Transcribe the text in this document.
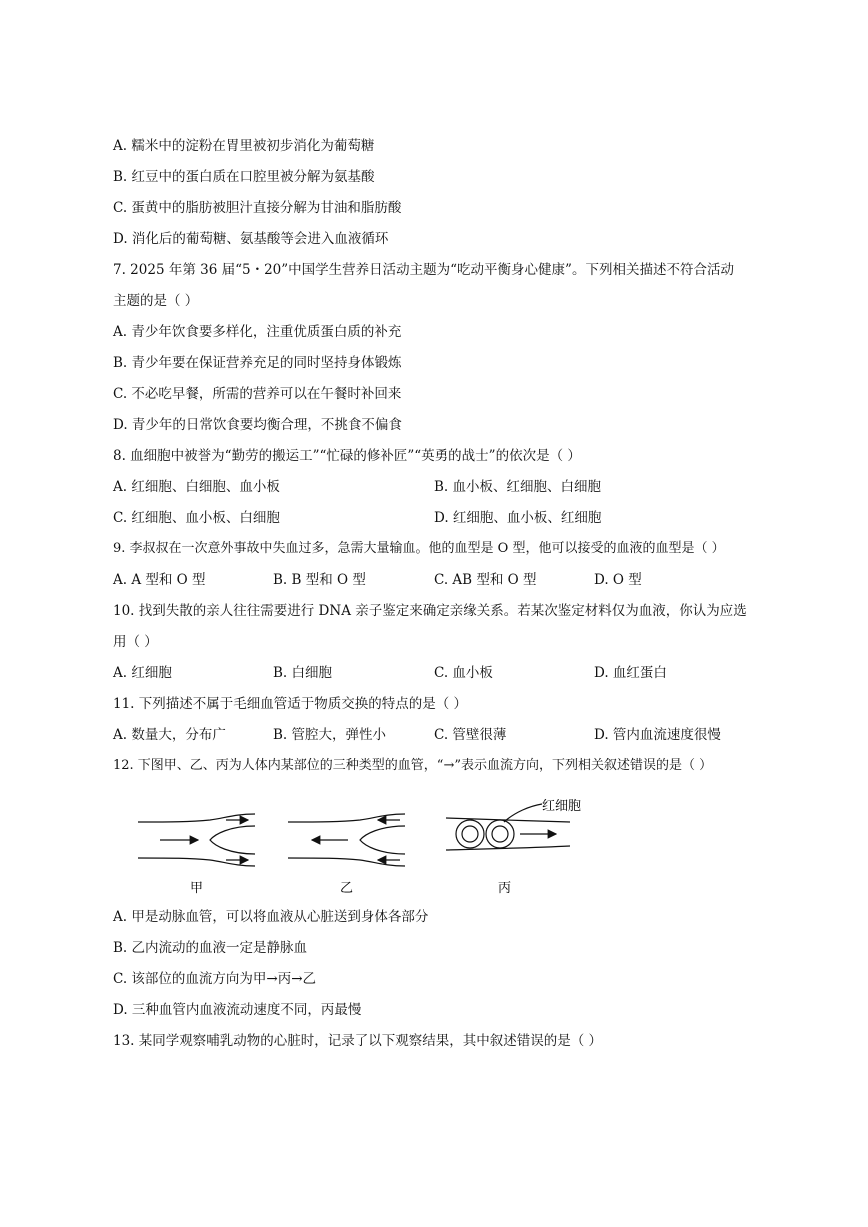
A. 糯米中的淀粉在胃里被初步消化为葡萄糖
B. 红豆中的蛋白质在口腔里被分解为氨基酸
C. 蛋黄中的脂肪被胆汁直接分解为甘油和脂肪酸
D. 消化后的葡萄糖、氨基酸等会进入血液循环
7. 2025 年第 36 届“5・20”中国学生营养日活动主题为“吃动平衡身心健康”。下列相关描述不符合活动
主题的是（ ）
A. 青少年饮食要多样化，注重优质蛋白质的补充
B. 青少年要在保证营养充足的同时坚持身体锻炼
C. 不必吃早餐，所需的营养可以在午餐时补回来
D. 青少年的日常饮食要均衡合理，不挑食不偏食
8. 血细胞中被誉为“勤劳的搬运工”“忙碌的修补匠”“英勇的战士”的依次是（ ）
A. 红细胞、白细胞、血小板	B. 血小板、红细胞、白细胞
C. 红细胞、血小板、白细胞	D. 红细胞、血小板、红细胞
9. 李叔叔在一次意外事故中失血过多，急需大量输血。他的血型是 O 型，他可以接受的血液的血型是（ ）
A. A 型和 O 型	B. B 型和 O 型	C. AB 型和 O 型	D. O 型
10. 找到失散的亲人往往需要进行 DNA 亲子鉴定来确定亲缘关系。若某次鉴定材料仅为血液，你认为应选
用（ ）
A. 红细胞	B. 白细胞	C. 血小板	D. 血红蛋白
11. 下列描述不属于毛细血管适于物质交换的特点的是（ ）
A. 数量大，分布广	B. 管腔大，弹性小	C. 管壁很薄	D. 管内血流速度很慢
12. 下图甲、乙、丙为人体内某部位的三种类型的血管，“→”表示血流方向，下列相关叙述错误的是（ ）
红细胞
甲	乙	丙
A. 甲是动脉血管，可以将血液从心脏送到身体各部分
B. 乙内流动的血液一定是静脉血
C. 该部位的血流方向为甲→丙→乙
D. 三种血管内血液流动速度不同，丙最慢
13. 某同学观察哺乳动物的心脏时，记录了以下观察结果，其中叙述错误的是（ ）
